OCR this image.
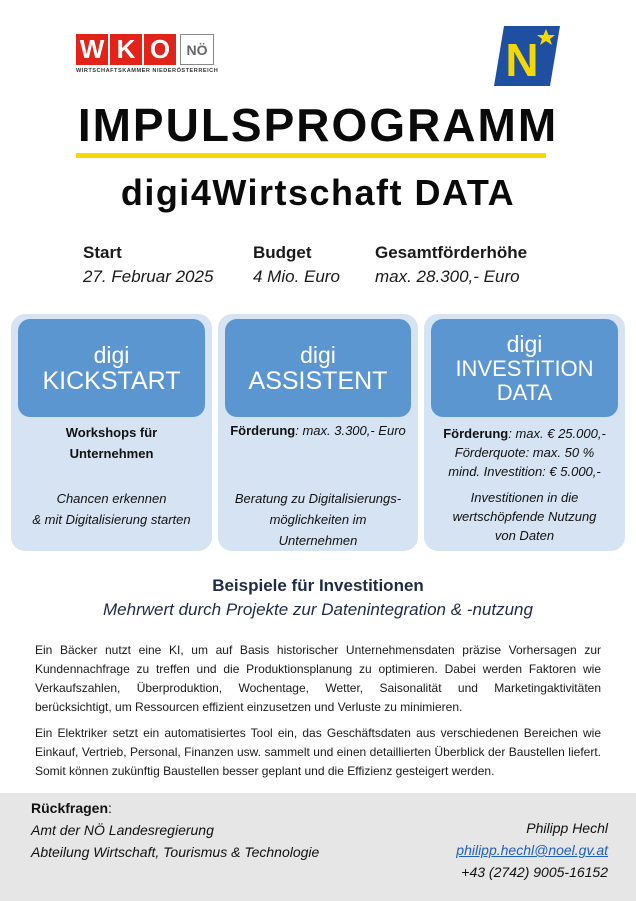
W K O	NÖ
WIRTSCHAFTSKAMMER NIEDERÖSTERREICH	N
IMPULSPROGRAMM
digi4Wirtschaft DATA
Start
27. Februar 2025
Budget
4 Mio. Euro
Gesamtförderhöhe
max. 28.300,- Euro
digi
KICKSTART
Workshops für
Unternehmen
Chancen erkennen
& mit Digitalisierung starten
digi
ASSISTENT
Förderung: max. 3.300,- Euro
Beratung zu Digitalisierungs-
möglichkeiten im
Unternehmen
digi
INVESTITION
DATA
Förderung: max. € 25.000,-
Förderquote: max. 50 %
mind. Investition: € 5.000,-
Investitionen in die
wertschöpfende Nutzung
von Daten
Beispiele für Investitionen
Mehrwert durch Projekte zur Datenintegration & -nutzung
Ein Bäcker nutzt eine KI, um auf Basis historischer Unternehmensdaten präzise Vorhersagen zur Kundennachfrage zu treffen und die Produktionsplanung zu optimieren. Dabei werden Faktoren wie Verkaufszahlen, Überproduktion, Wochentage, Wetter, Saisonalität und Marketingaktivitäten berücksichtigt, um Ressourcen effizient einzusetzen und Verluste zu minimieren.
Ein Elektriker setzt ein automatisiertes Tool ein, das Geschäftsdaten aus verschiedenen Bereichen wie Einkauf, Vertrieb, Personal, Finanzen usw. sammelt und einen detaillierten Überblick der Baustellen liefert. Somit können zukünftig Baustellen besser geplant und die Effizienz gesteigert werden.
Rückfragen:
Amt der NÖ Landesregierung
Abteilung Wirtschaft, Tourismus & Technologie
Philipp Hechl
philipp.hechl@noel.gv.at
+43 (2742) 9005-16152
